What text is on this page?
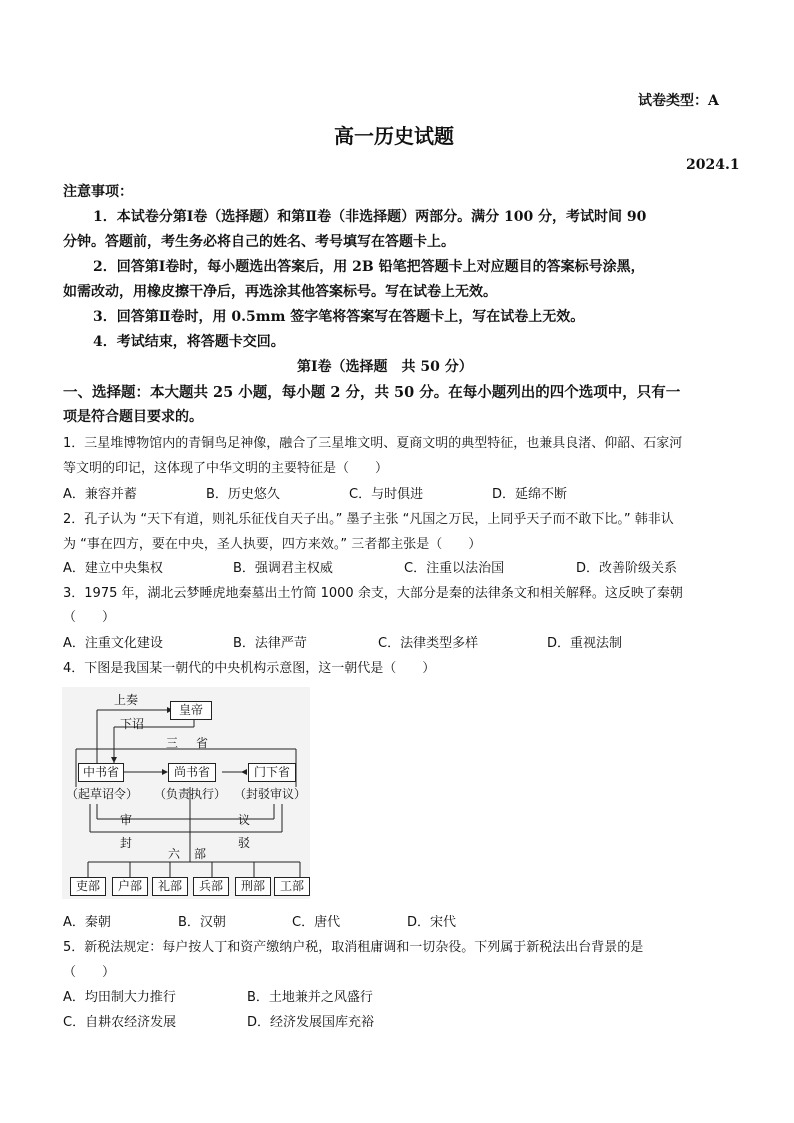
试卷类型：A
高一历史试题
2024.1
注意事项：
1．本试卷分第Ⅰ卷（选择题）和第Ⅱ卷（非选择题）两部分。满分 100 分，考试时间 90
分钟。答题前，考生务必将自己的姓名、考号填写在答题卡上。
2．回答第Ⅰ卷时，每小题选出答案后，用 2B 铅笔把答题卡上对应题目的答案标号涂黑，
如需改动，用橡皮擦干净后，再选涂其他答案标号。写在试卷上无效。
3．回答第Ⅱ卷时，用 0.5mm 签字笔将答案写在答题卡上，写在试卷上无效。
4．考试结束，将答题卡交回。
第Ⅰ卷（选择题　共 50 分）
一、选择题：本大题共 25 小题，每小题 2 分，共 50 分。在每小题列出的四个选项中，只有一
项是符合题目要求的。
1．三星堆博物馆内的青铜鸟足神像，融合了三星堆文明、夏商文明的典型特征，也兼具良渚、仰韶、石家河
等文明的印记，这体现了中华文明的主要特征是（　　）
A．兼容并蓄	B．历史悠久	C．与时俱进	D．延绵不断
2．孔子认为 “天下有道，则礼乐征伐自天子出。” 墨子主张 “凡国之万民，上同乎天子而不敢下比。” 韩非认
为 “事在四方，要在中央，圣人执要，四方来效。” 三者都主张是（　　）
A．建立中央集权	B．强调君主权威	C．注重以法治国	D．改善阶级关系
3．1975 年，湖北云梦睡虎地秦墓出土竹简 1000 余支，大部分是秦的法律条文和相关解释。这反映了秦朝
（　　）
A．注重文化建设	B．法律严苛	C．法律类型多样	D．重视法制
4．下图是我国某一朝代的中央机构示意图，这一朝代是（　　）
皇帝
上奏
下诏
三 省
中书省	尚书省	门下省
（起草诏令） （负责执行） （封驳审议）
审	议
封	驳
六 部
吏部	户部	礼部	兵部	刑部	工部
A．秦朝	B．汉朝	C．唐代	D．宋代
5．新税法规定：每户按人丁和资产缴纳户税，取消租庸调和一切杂役。下列属于新税法出台背景的是
（　　）
A．均田制大力推行	B．土地兼并之风盛行
C．自耕农经济发展	D．经济发展国库充裕
